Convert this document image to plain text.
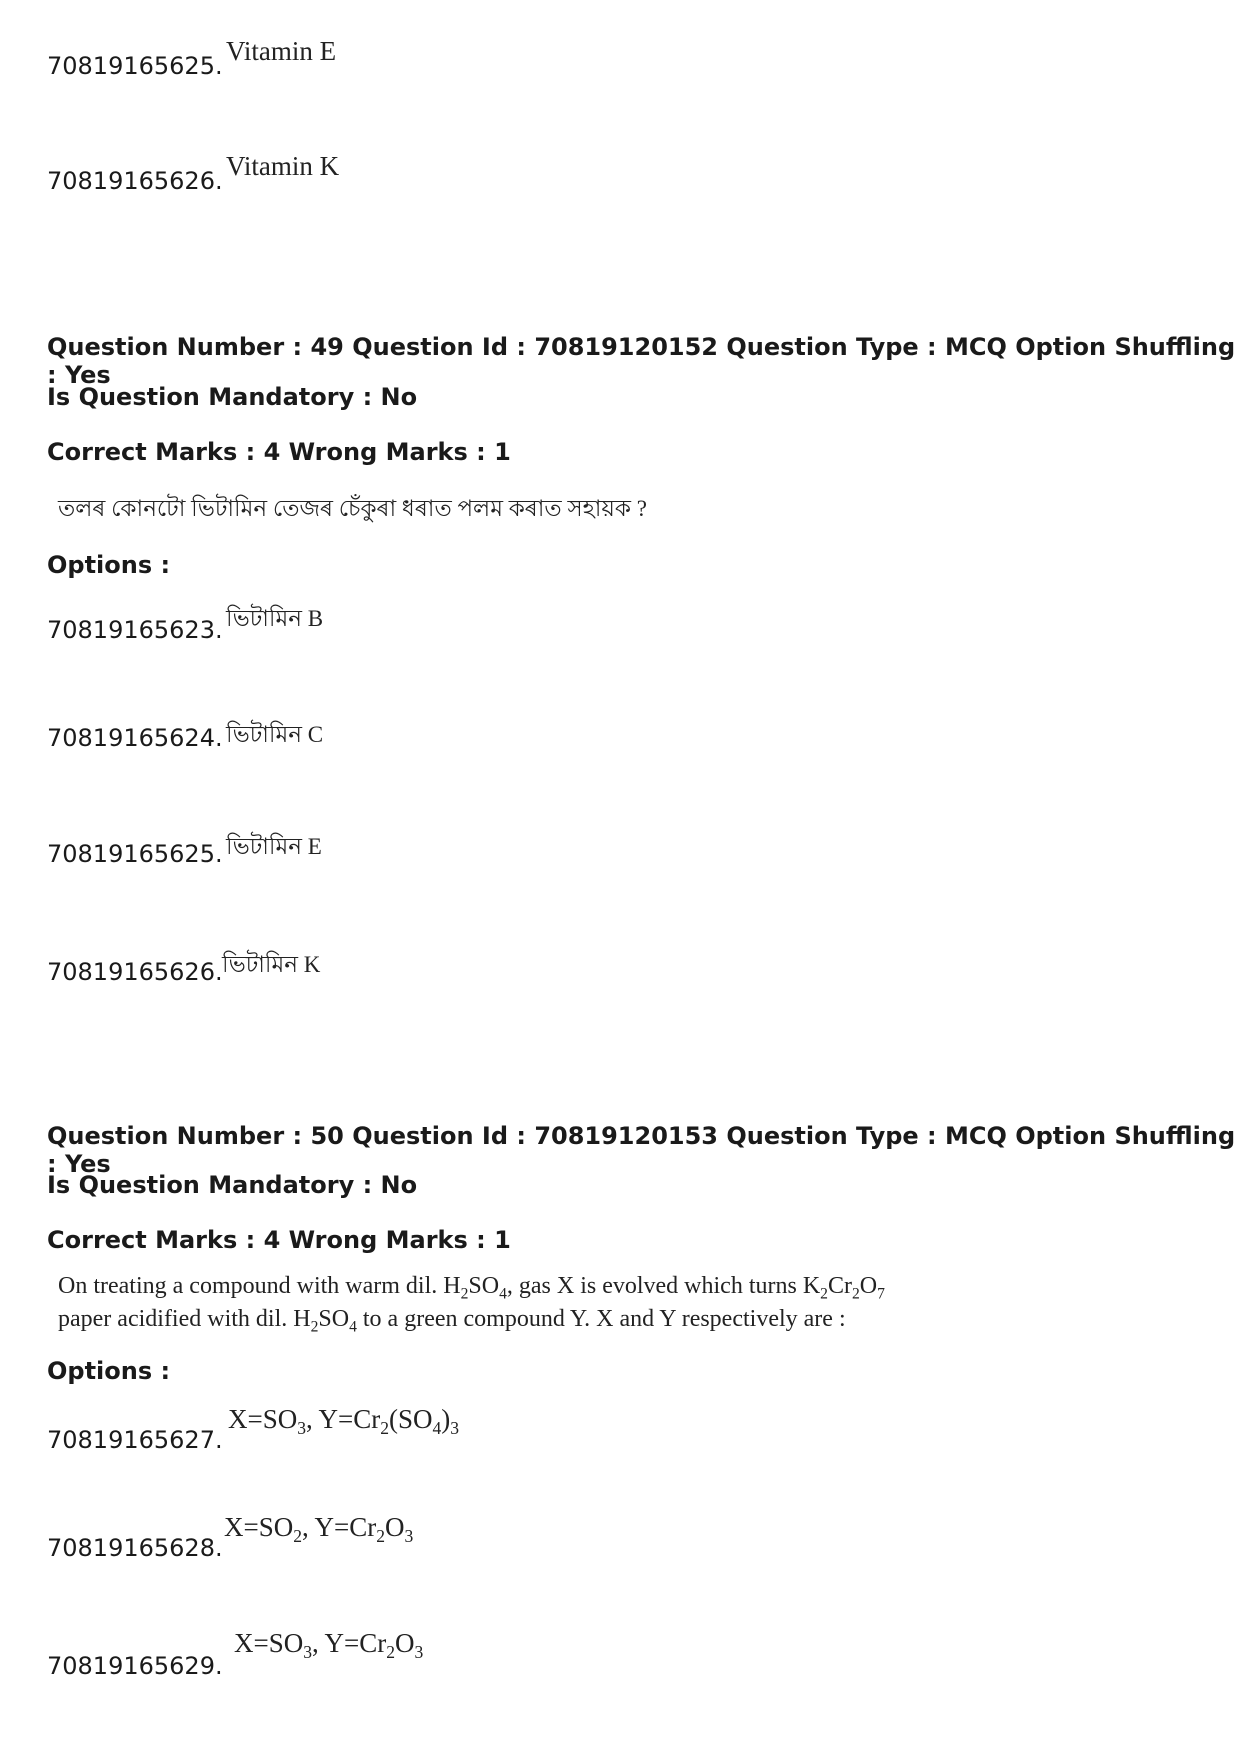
70819165625. Vitamin E
70819165626. Vitamin K
Question Number : 49 Question Id : 70819120152 Question Type : MCQ Option Shuffling : Yes
Is Question Mandatory : No
Correct Marks : 4 Wrong Marks : 1
তলৰ কোনটো ভিটামিন তেজৰ চেঁকুৰা ধৰাত পলম কৰাত সহায়ক ?
Options :
70819165623. ভিটামিন B
70819165624. ভিটামিন C
70819165625. ভিটামিন E
70819165626. ভিটামিন K
Question Number : 50 Question Id : 70819120153 Question Type : MCQ Option Shuffling : Yes
Is Question Mandatory : No
Correct Marks : 4 Wrong Marks : 1
On treating a compound with warm dil. $H_2SO_4$, gas X is evolved which turns $K_2Cr_2O_7$
paper acidified with dil. $H_2SO_4$ to a green compound Y. X and Y respectively are :
Options :
70819165627.
$X=SO_3$, $Y=Cr_2(SO_4)_3$
70819165628.
$X=SO_2$, $Y=Cr_2O_3$
70819165629.
$X=SO_3$, $Y=Cr_2O_3$
